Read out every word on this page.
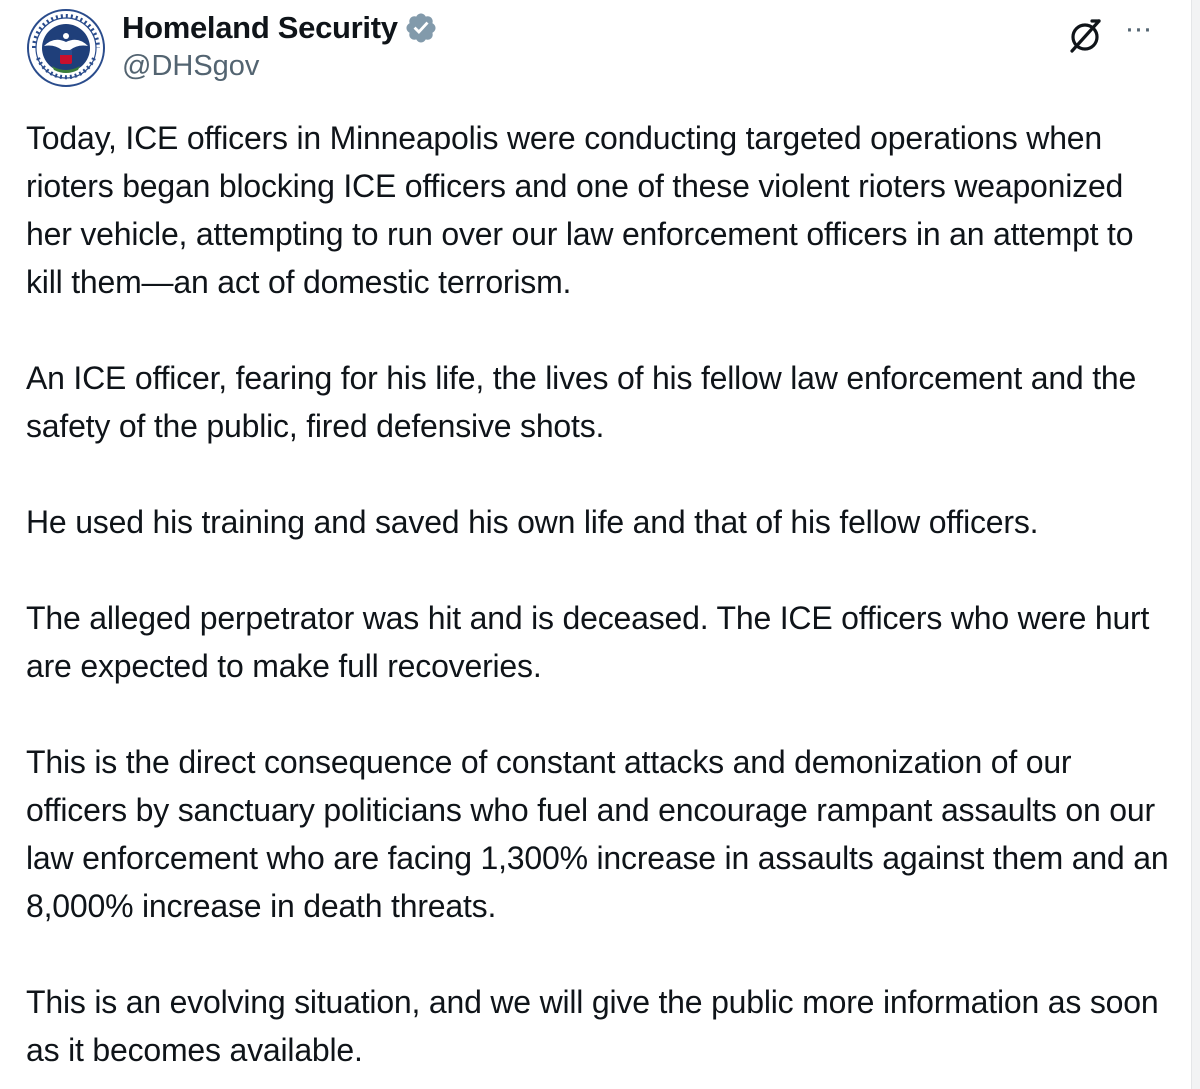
Homeland Security
@DHSgov
···

Today, ICE officers in Minneapolis were conducting targeted operations when rioters began blocking ICE officers and one of these violent rioters weaponized her vehicle, attempting to run over our law enforcement officers in an attempt to kill them—an act of domestic terrorism.

An ICE officer, fearing for his life, the lives of his fellow law enforcement and the safety of the public, fired defensive shots.

He used his training and saved his own life and that of his fellow officers.

The alleged perpetrator was hit and is deceased. The ICE officers who were hurt are expected to make full recoveries.

This is the direct consequence of constant attacks and demonization of our officers by sanctuary politicians who fuel and encourage rampant assaults on our law enforcement who are facing 1,300% increase in assaults against them and an 8,000% increase in death threats.

This is an evolving situation, and we will give the public more information as soon as it becomes available.
